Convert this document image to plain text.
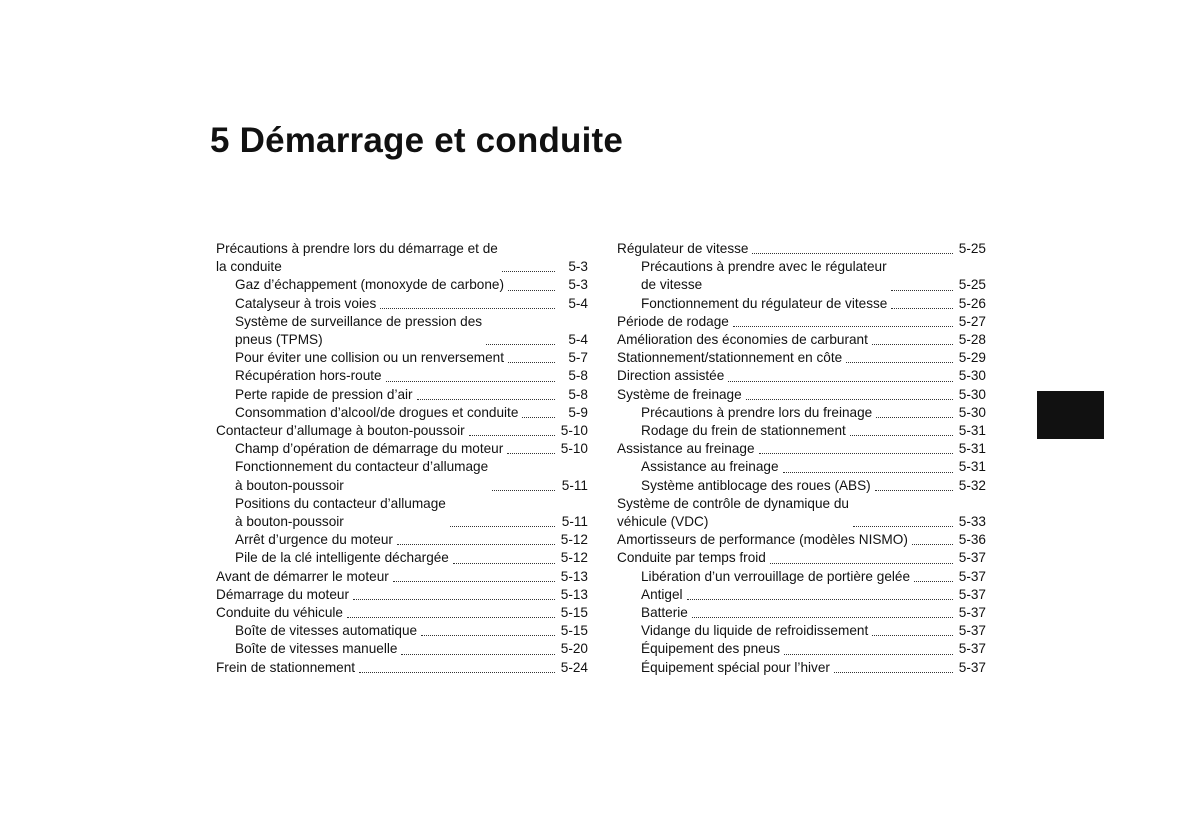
5 Démarrage et conduite
Précautions à prendre lors du démarrage et de
la conduite	5-3
Gaz d’échappement (monoxyde de carbone)	5-3
Catalyseur à trois voies	5-4
Système de surveillance de pression des
pneus (TPMS)	5-4
Pour éviter une collision ou un renversement	5-7
Récupération hors-route	5-8
Perte rapide de pression d’air	5-8
Consommation d’alcool/de drogues et conduite	5-9
Contacteur d’allumage à bouton-poussoir	5-10
Champ d’opération de démarrage du moteur	5-10
Fonctionnement du contacteur d’allumage
à bouton-poussoir	5-11
Positions du contacteur d’allumage
à bouton-poussoir	5-11
Arrêt d’urgence du moteur	5-12
Pile de la clé intelligente déchargée	5-12
Avant de démarrer le moteur	5-13
Démarrage du moteur	5-13
Conduite du véhicule	5-15
Boîte de vitesses automatique	5-15
Boîte de vitesses manuelle	5-20
Frein de stationnement	5-24
Régulateur de vitesse	5-25
Précautions à prendre avec le régulateur
de vitesse	5-25
Fonctionnement du régulateur de vitesse	5-26
Période de rodage	5-27
Amélioration des économies de carburant	5-28
Stationnement/stationnement en côte	5-29
Direction assistée	5-30
Système de freinage	5-30
Précautions à prendre lors du freinage	5-30
Rodage du frein de stationnement	5-31
Assistance au freinage	5-31
Assistance au freinage	5-31
Système antiblocage des roues (ABS)	5-32
Système de contrôle de dynamique du
véhicule (VDC)	5-33
Amortisseurs de performance (modèles NISMO)	5-36
Conduite par temps froid	5-37
Libération d’un verrouillage de portière gelée	5-37
Antigel	5-37
Batterie	5-37
Vidange du liquide de refroidissement	5-37
Équipement des pneus	5-37
Équipement spécial pour l’hiver	5-37
